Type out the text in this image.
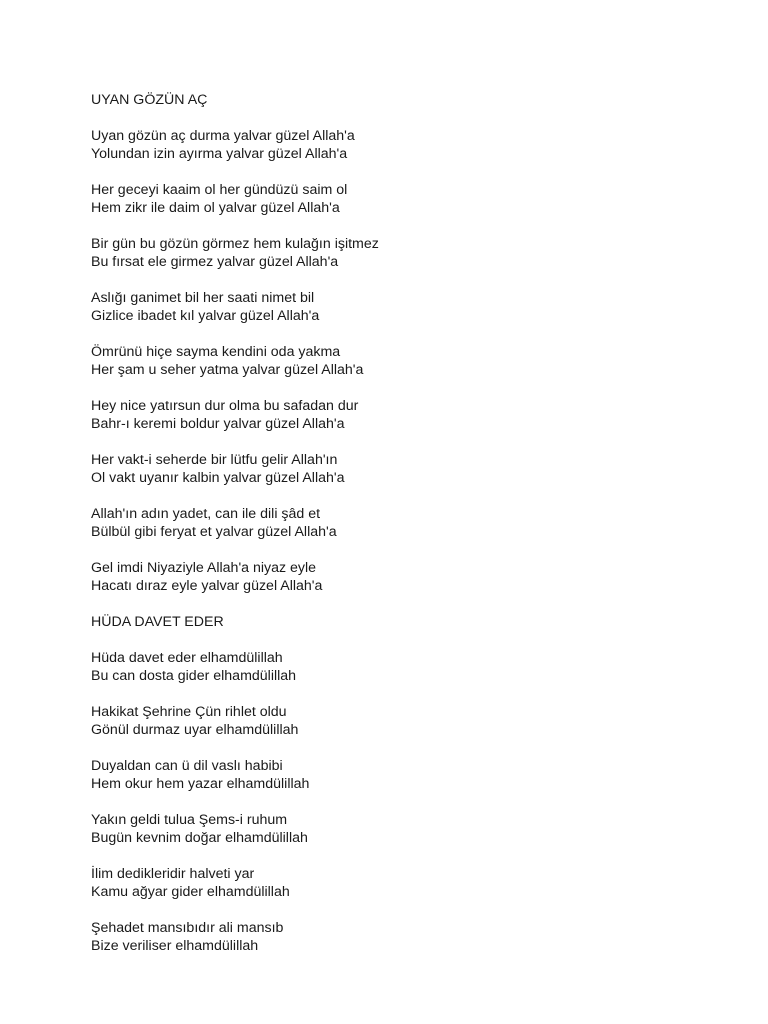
UYAN GÖZÜN AÇ
Uyan gözün aç durma yalvar güzel Allah'a
Yolundan izin ayırma yalvar güzel Allah'a
Her geceyi kaaim ol her gündüzü saim ol
Hem zikr ile daim ol yalvar güzel Allah'a
Bir gün bu gözün görmez hem kulağın işitmez
Bu fırsat ele girmez yalvar güzel Allah'a
Aslığı ganimet bil her saati nimet bil
Gizlice ibadet kıl yalvar güzel Allah'a
Ömrünü hiçe sayma kendini oda yakma
Her şam u seher yatma yalvar güzel Allah'a
Hey nice yatırsun dur olma bu safadan dur
Bahr-ı keremi boldur yalvar güzel Allah'a
Her vakt-i seherde bir lütfu gelir Allah'ın
Ol vakt uyanır kalbin yalvar güzel Allah'a
Allah'ın adın yadet, can ile dili şâd et
Bülbül gibi feryat et yalvar güzel Allah'a
Gel imdi Niyaziyle Allah'a niyaz eyle
Hacatı dıraz eyle yalvar güzel Allah'a
HÜDA DAVET EDER
Hüda davet eder elhamdülillah
Bu can dosta gider elhamdülillah
Hakikat Şehrine Çün rihlet oldu
Gönül durmaz uyar elhamdülillah
Duyaldan can ü dil vaslı habibi
Hem okur hem yazar elhamdülillah
Yakın geldi tulua Şems-i ruhum
Bugün kevnim doğar elhamdülillah
İlim dedikleridir halveti yar
Kamu ağyar gider elhamdülillah
Şehadet mansıbıdır ali mansıb
Bize veriliser elhamdülillah
